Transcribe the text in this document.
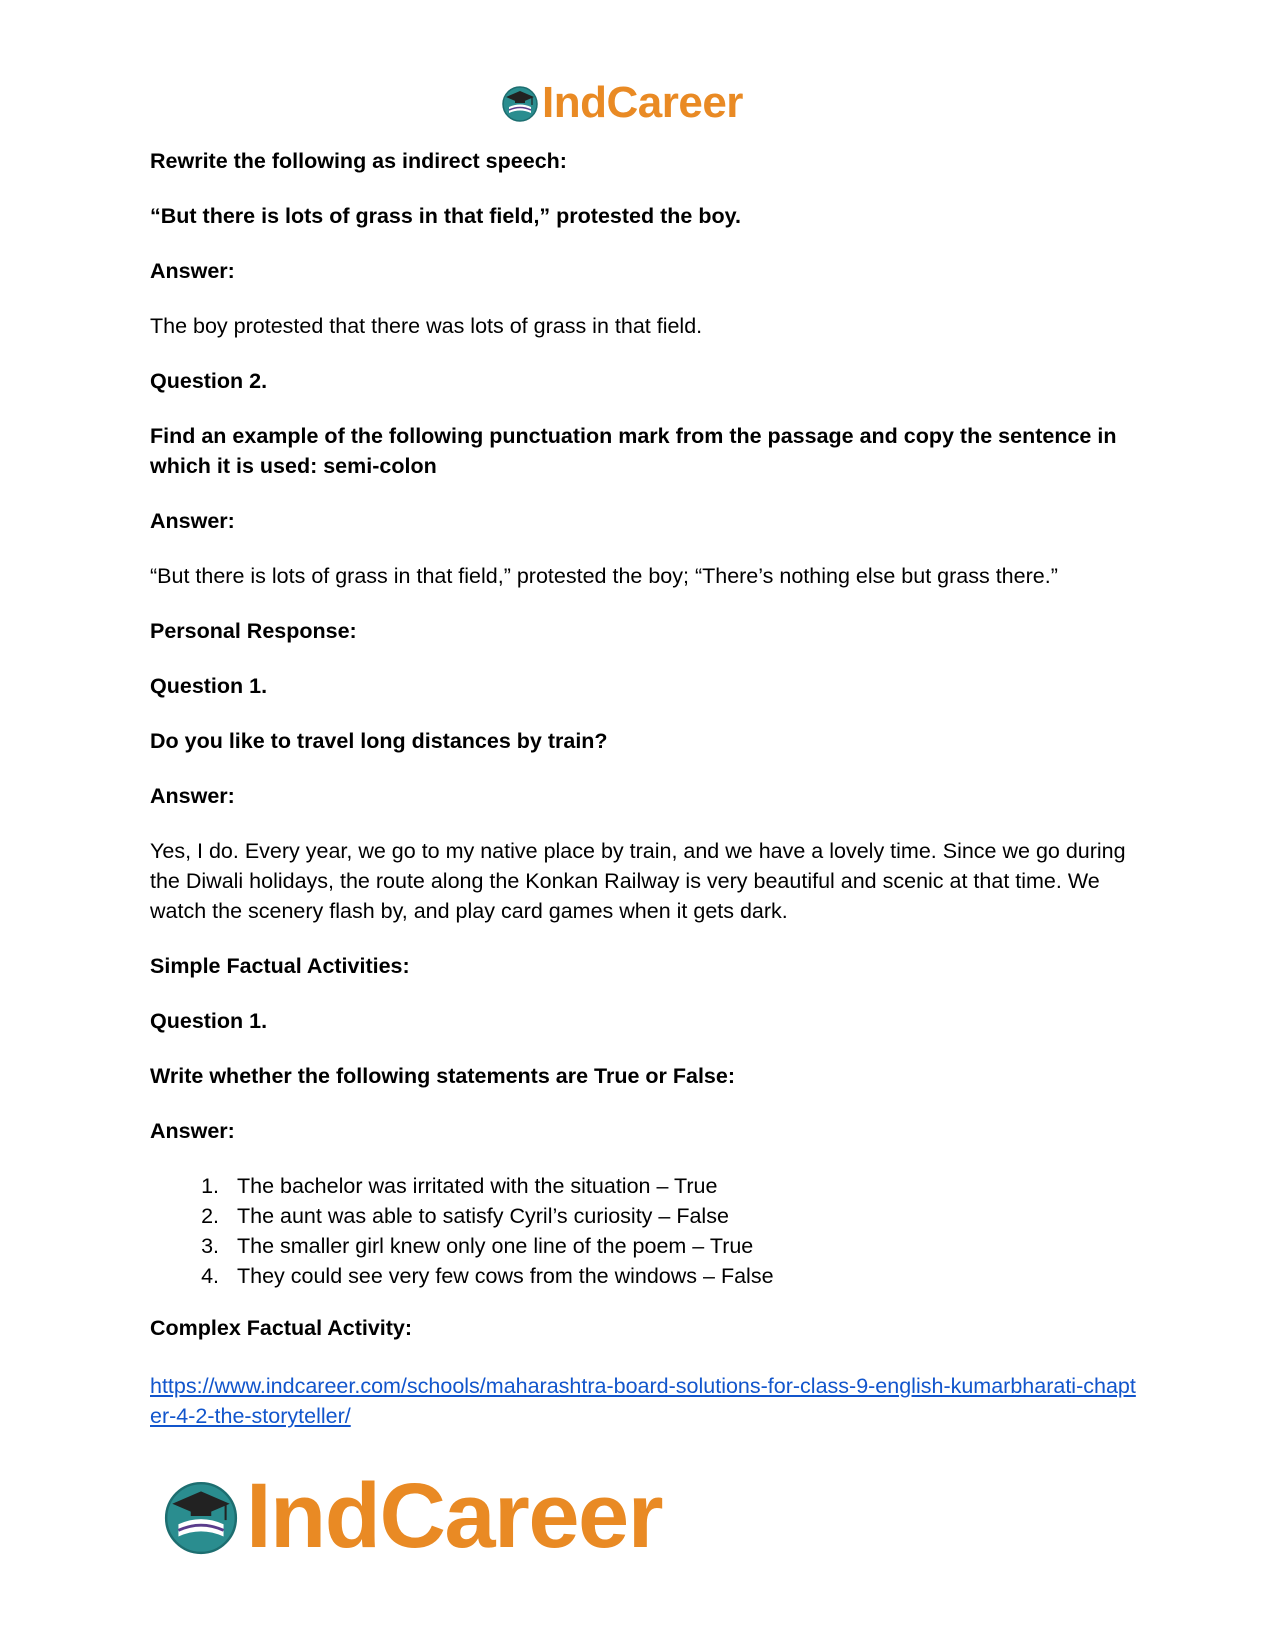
IndCareer

Rewrite the following as indirect speech:

“But there is lots of grass in that field,” protested the boy.

Answer:

The boy protested that there was lots of grass in that field.

Question 2.

Find an example of the following punctuation mark from the passage and copy the sentence in which it is used: semi-colon

Answer:

“But there is lots of grass in that field,” protested the boy; “There’s nothing else but grass there.”

Personal Response:

Question 1.

Do you like to travel long distances by train?

Answer:

Yes, I do. Every year, we go to my native place by train, and we have a lovely time. Since we go during the Diwali holidays, the route along the Konkan Railway is very beautiful and scenic at that time. We watch the scenery flash by, and play card games when it gets dark.

Simple Factual Activities:

Question 1.

Write whether the following statements are True or False:

Answer:

1. The bachelor was irritated with the situation – True
2. The aunt was able to satisfy Cyril’s curiosity – False
3. The smaller girl knew only one line of the poem – True
4. They could see very few cows from the windows – False

Complex Factual Activity:

https://www.indcareer.com/schools/maharashtra-board-solutions-for-class-9-english-kumarbharati-chapter-4-2-the-storyteller/
IndCareer
